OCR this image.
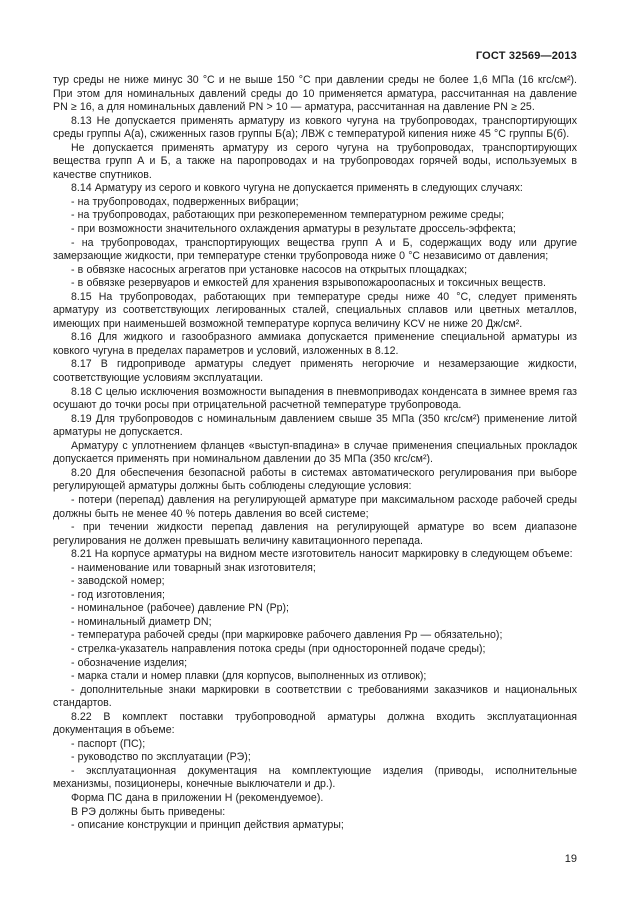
ГОСТ 32569—2013

тур среды не ниже минус 30 °С и не выше 150 °С при давлении среды не более 1,6 МПа (16 кгс/см²). При этом для номинальных давлений среды до 10 применяется арматура, рассчитанная на давление PN ≥ 16, а для номинальных давлений PN > 10 — арматура, рассчитанная на давление PN ≥ 25.

8.13 Не допускается применять арматуру из ковкого чугуна на трубопроводах, транспортирующих среды группы А(а), сжиженных газов группы Б(а); ЛВЖ с температурой кипения ниже 45 °С группы Б(б).

Не допускается применять арматуру из серого чугуна на трубопроводах, транспортирующих вещества групп А и Б, а также на паропроводах и на трубопроводах горячей воды, используемых в качестве спутников.

8.14 Арматуру из серого и ковкого чугуна не допускается применять в следующих случаях:

- на трубопроводах, подверженных вибрации;

- на трубопроводах, работающих при резкопеременном температурном режиме среды;

- при возможности значительного охлаждения арматуры в результате дроссель-эффекта;

- на трубопроводах, транспортирующих вещества групп А и Б, содержащих воду или другие замерзающие жидкости, при температуре стенки трубопровода ниже 0 °С независимо от давления;

- в обвязке насосных агрегатов при установке насосов на открытых площадках;

- в обвязке резервуаров и емкостей для хранения взрывопожароопасных и токсичных веществ.

8.15 На трубопроводах, работающих при температуре среды ниже 40 °С, следует применять арматуру из соответствующих легированных сталей, специальных сплавов или цветных металлов, имеющих при наименьшей возможной температуре корпуса величину KCV не ниже 20 Дж/см².

8.16 Для жидкого и газообразного аммиака допускается применение специальной арматуры из ковкого чугуна в пределах параметров и условий, изложенных в 8.12.

8.17 В гидроприводе арматуры следует применять негорючие и незамерзающие жидкости, соответствующие условиям эксплуатации.

8.18 С целью исключения возможности выпадения в пневмоприводах конденсата в зимнее время газ осушают до точки росы при отрицательной расчетной температуре трубопровода.

8.19 Для трубопроводов с номинальным давлением свыше 35 МПа (350 кгс/см²) применение литой арматуры не допускается.

Арматуру с уплотнением фланцев «выступ-впадина» в случае применения специальных прокладок допускается применять при номинальном давлении до 35 МПа (350 кгс/см²).

8.20 Для обеспечения безопасной работы в системах автоматического регулирования при выборе регулирующей арматуры должны быть соблюдены следующие условия:

- потери (перепад) давления на регулирующей арматуре при максимальном расходе рабочей среды должны быть не менее 40 % потерь давления во всей системе;

- при течении жидкости перепад давления на регулирующей арматуре во всем диапазоне регулирования не должен превышать величину кавитационного перепада.

8.21 На корпусе арматуры на видном месте изготовитель наносит маркировку в следующем объеме:

- наименование или товарный знак изготовителя;

- заводской номер;

- год изготовления;

- номинальное (рабочее) давление PN (Pр);

- номинальный диаметр DN;

- температура рабочей среды (при маркировке рабочего давления Pр — обязательно);

- стрелка-указатель направления потока среды (при односторонней подаче среды);

- обозначение изделия;

- марка стали и номер плавки (для корпусов, выполненных из отливок);

- дополнительные знаки маркировки в соответствии с требованиями заказчиков и национальных стандартов.

8.22 В комплект поставки трубопроводной арматуры должна входить эксплуатационная документация в объеме:

- паспорт (ПС);

- руководство по эксплуатации (РЭ);

- эксплуатационная документация на комплектующие изделия (приводы, исполнительные механизмы, позиционеры, конечные выключатели и др.).

Форма ПС дана в приложении Н (рекомендуемое).

В РЭ должны быть приведены:

- описание конструкции и принцип действия арматуры;

19
